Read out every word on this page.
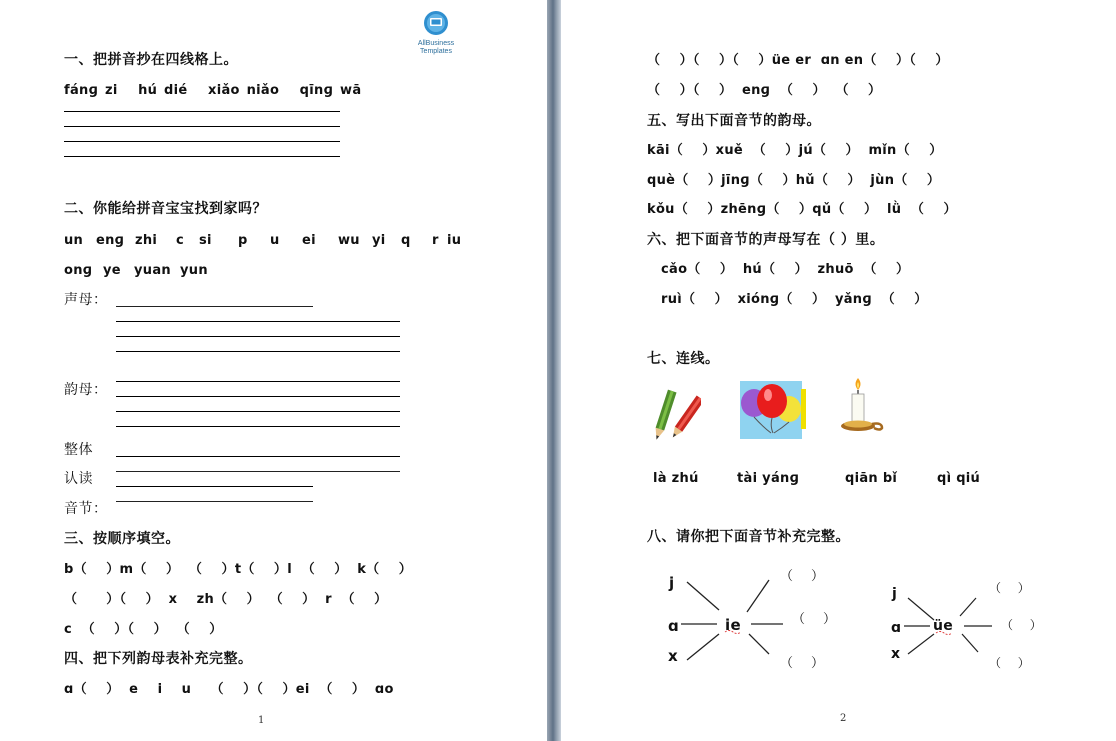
AllBusiness
Templates
一、把拼音抄在四线格上。
fánɡ zi   hú dié   xiǎo niǎo   qīnɡ wā
二、你能给拼音宝宝找到家吗？
un enɡ zhi c si p u ei wu yi q r iu
onɡ ye yuan yun
声母：
韵母：
整体
认读
音节：
三、按顺序填空。
b（    ）m（    ）  （    ）t（    ）l  （    ）  k（    ）
（      ）（    ）  x    zh（    ）  （    ）  r  （    ）
c  （    ）（    ）  （    ）
四、把下列韵母表补充完整。
ɑ（    ）  e    i    u    （    ）（    ）ei  （    ）  ɑo
1
（    ）（    ）（    ）üe er  ɑn en（    ）（    ）
（    ）（    ）  enɡ  （    ）  （    ）
五、写出下面音节的韵母。
kāi（    ）xuě  （    ）jú（    ）  mǐn（    ）
què（    ）jīnɡ（    ）hǔ（    ）  jùn（    ）
kǒu（    ）zhēnɡ（    ）qǔ（    ）  lǜ  （    ）
六、把下面音节的声母写在（ ）里。
cǎo（    ）  hú（    ）  zhuō  （    ）
ruì（    ）  xiónɡ（    ）  yǎnɡ  （    ）
七、连线。
là zhú	tài yánɡ	qiān bǐ	qì qiú
八、请你把下面音节补充完整。
j
ɑ
x
ie
（    ）
（    ）
（    ）
j
ɑ
x
üe
（    ）
（    ）
（    ）
2
